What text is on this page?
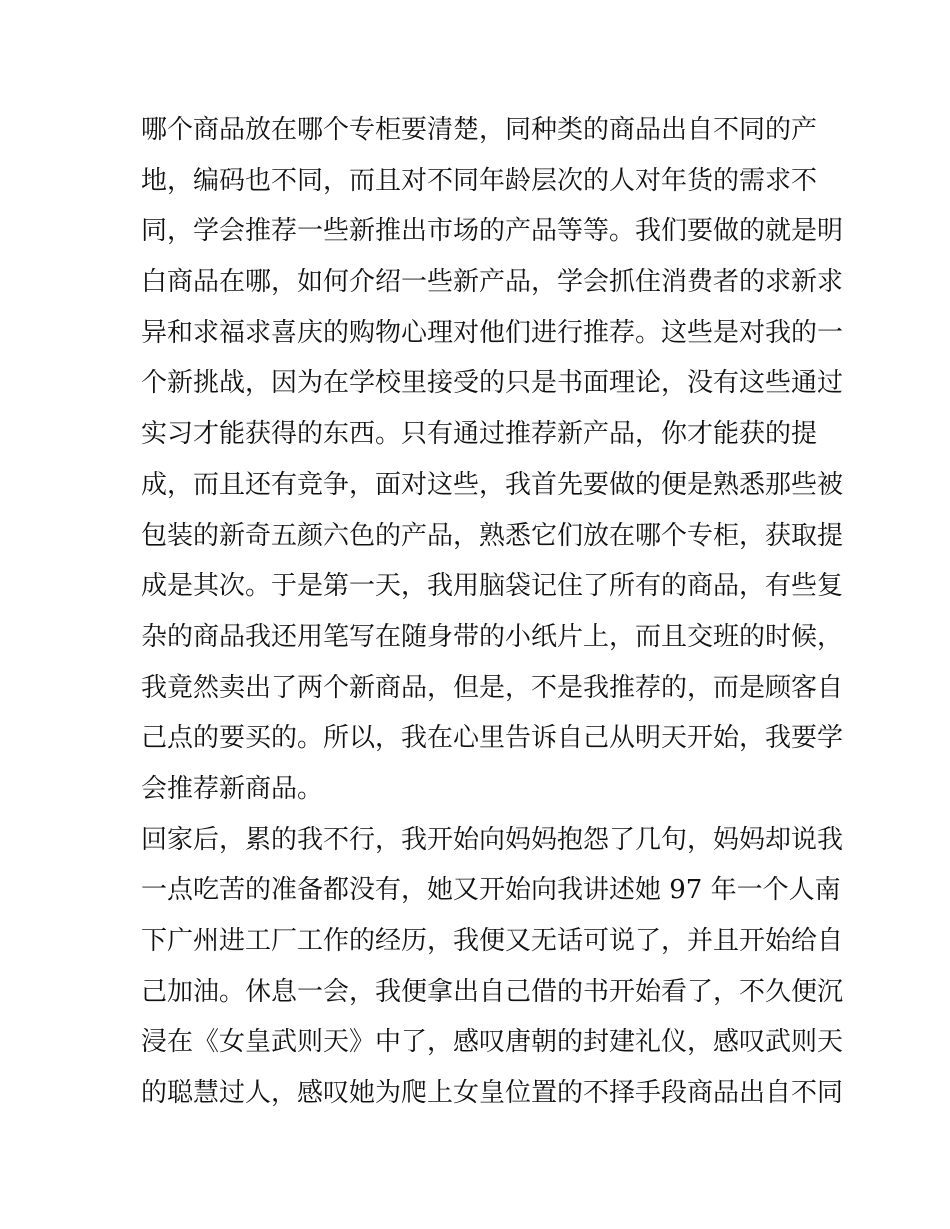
哪个商品放在哪个专柜要清楚，同种类的商品出自不同的产
地，编码也不同，而且对不同年龄层次的人对年货的需求不
同，学会推荐一些新推出市场的产品等等。我们要做的就是明
白商品在哪，如何介绍一些新产品，学会抓住消费者的求新求
异和求福求喜庆的购物心理对他们进行推荐。这些是对我的一
个新挑战，因为在学校里接受的只是书面理论，没有这些通过
实习才能获得的东西。只有通过推荐新产品，你才能获的提
成，而且还有竞争，面对这些，我首先要做的便是熟悉那些被
包装的新奇五颜六色的产品，熟悉它们放在哪个专柜，获取提
成是其次。于是第一天，我用脑袋记住了所有的商品，有些复
杂的商品我还用笔写在随身带的小纸片上，而且交班的时候，
我竟然卖出了两个新商品，但是，不是我推荐的，而是顾客自
己点的要买的。所以，我在心里告诉自己从明天开始，我要学
会推荐新商品。
回家后，累的我不行，我开始向妈妈抱怨了几句，妈妈却说我
一点吃苦的准备都没有，她又开始向我讲述她 97 年一个人南
下广州进工厂工作的经历，我便又无话可说了，并且开始给自
己加油。休息一会，我便拿出自己借的书开始看了，不久便沉
浸在《女皇武则天》中了，感叹唐朝的封建礼仪，感叹武则天
的聪慧过人，感叹她为爬上女皇位置的不择手段商品出自不同
